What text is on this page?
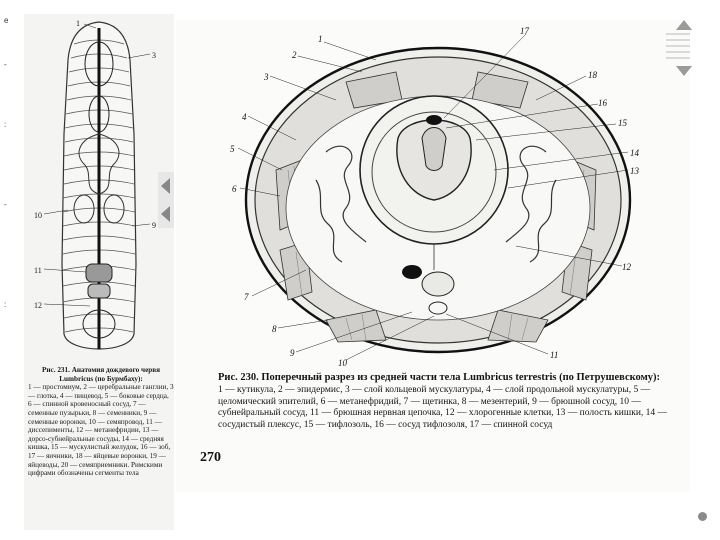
e
-
:
-
:
1
10
11
12
3
9
Рис. 231. Анатомия дождевого червя Lumbricus (по Бурмбаху):
1 — простомиум, 2 — церебральные ганглии, 3 — глотка, 4 — пищевод, 5 — боковые сердца, 6 — спинной кровеносный сосуд, 7 — семенные пузырьки, 8 — семенники, 9 — семенные воронки, 10 — семяпровод, 11 — диссепименты, 12 — метанефридии, 13 — дорсо-субнейральные сосуды, 14 — средняя кишка, 15 — мускулистый желудок, 16 — зоб, 17 — яичники, 18 — яйцевые воронки, 19 — яйцеводы, 20 — семяприемники. Римскими цифрами обозначены сегменты тела
1
2
3
4
5
6
7
8
9
10
11
12
13
14
15
16
17
18
Рис. 230. Поперечный разрез из средней части тела Lumbricus terrestris (по Петрушевскому):
1 — кутикула, 2 — эпидермис, 3 — слой кольцевой мускулатуры, 4 — слой продольной мускулатуры, 5 — целомический эпителий, 6 — метанефридий, 7 — щетинка, 8 — мезентерий, 9 — брюшной сосуд, 10 — субнейральный сосуд, 11 — брюшная нервная цепочка, 12 — хлорогенные клетки, 13 — полость кишки, 14 — сосудистый плексус, 15 — тифлозоль, 16 — сосуд тифлозоля, 17 — спинной сосуд
270
